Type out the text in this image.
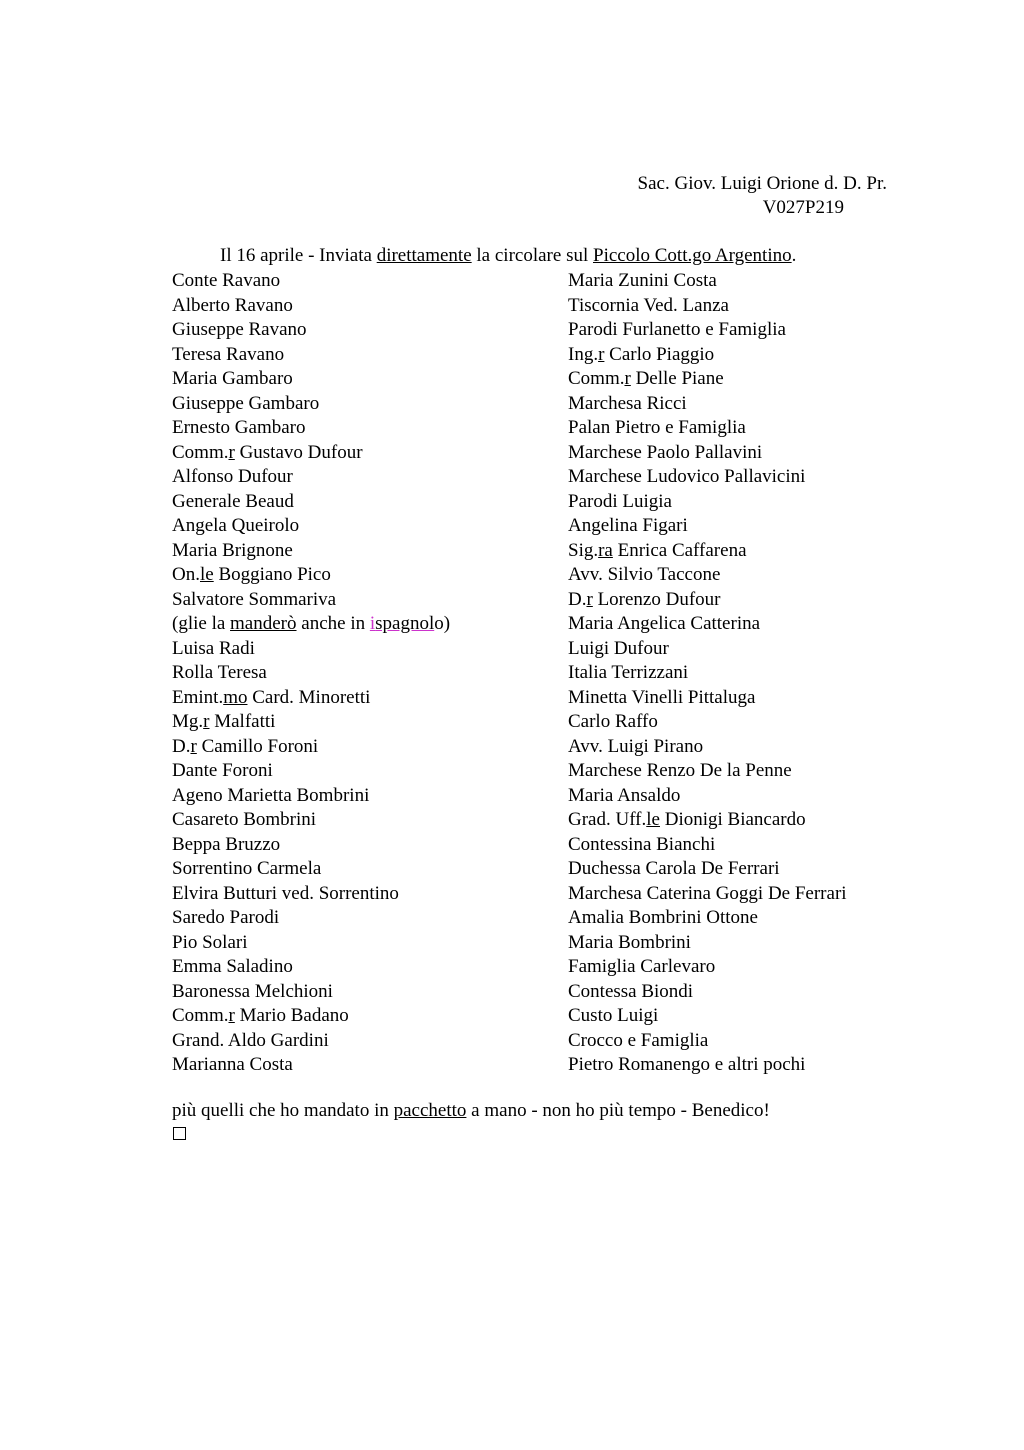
Sac. Giov. Luigi Orione d. D. Pr.

V027P219
Il 16 aprile - Inviata direttamente la circolare sul Piccolo Cott.go Argentino.
Conte Ravano
Alberto Ravano
Giuseppe Ravano
Teresa Ravano
Maria Gambaro
Giuseppe Gambaro
Ernesto Gambaro
Comm.r Gustavo Dufour
Alfonso Dufour
Generale Beaud
Angela Queirolo
Maria Brignone
On.le Boggiano Pico
Salvatore Sommariva
(glie la manderò anche in ispagnolo)
Luisa Radi
Rolla Teresa
Emint.mo Card. Minoretti
Mg.r Malfatti
D.r Camillo Foroni
Dante Foroni
Ageno Marietta Bombrini
Casareto Bombrini
Beppa Bruzzo
Sorrentino Carmela
Elvira Butturi ved. Sorrentino
Saredo Parodi
Pio Solari
Emma Saladino
Baronessa Melchioni
Comm.r Mario Badano
Grand. Aldo Gardini
Marianna Costa
Maria Zunini Costa
Tiscornia Ved. Lanza
Parodi Furlanetto e Famiglia
Ing.r Carlo Piaggio
Comm.r Delle Piane
Marchesa Ricci
Palan Pietro e Famiglia
Marchese Paolo Pallavini
Marchese Ludovico Pallavicini
Parodi Luigia
Angelina Figari
Sig.ra Enrica Caffarena
Avv. Silvio Taccone
D.r Lorenzo Dufour
Maria Angelica Catterina
Luigi Dufour
Italia Terrizzani
Minetta Vinelli Pittaluga
Carlo Raffo
Avv. Luigi Pirano
Marchese Renzo De la Penne
Maria Ansaldo
Grad. Uff.le Dionigi Biancardo
Contessina Bianchi
Duchessa Carola De Ferrari
Marchesa Caterina Goggi De Ferrari
Amalia Bombrini Ottone
Maria Bombrini
Famiglia Carlevaro
Contessa Biondi
Custo Luigi
Crocco e Famiglia
Pietro Romanengo e altri pochi
più quelli che ho mandato in pacchetto a mano - non ho più tempo - Benedico!
